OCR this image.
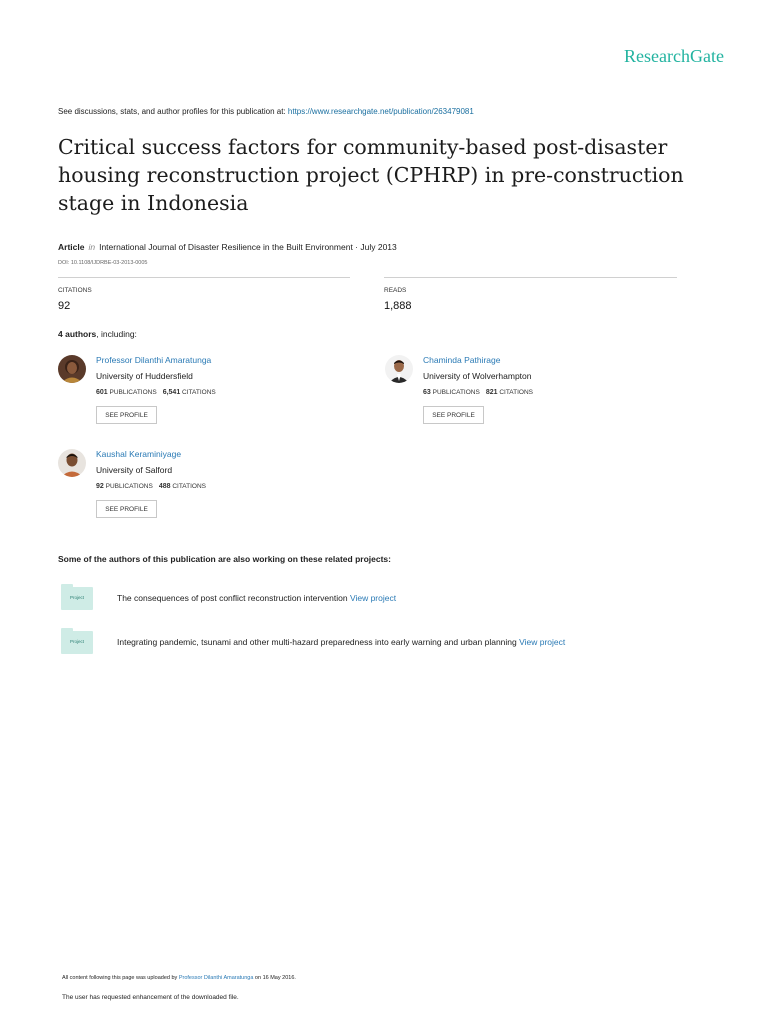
ResearchGate
See discussions, stats, and author profiles for this publication at: https://www.researchgate.net/publication/263479081
Critical success factors for community-based post-disaster housing reconstruction project (CPHRP) in pre-construction stage in Indonesia
Article in International Journal of Disaster Resilience in the Built Environment · July 2013
DOI: 10.1108/IJDRBE-03-2013-0005
CITATIONS
92
READS
1,888
4 authors, including:
Professor Dilanthi Amaratunga
University of Huddersfield
601 PUBLICATIONS 6,541 CITATIONS
SEE PROFILE
Chaminda Pathirage
University of Wolverhampton
63 PUBLICATIONS 821 CITATIONS
SEE PROFILE
Kaushal Keraminiyage
University of Salford
92 PUBLICATIONS 488 CITATIONS
SEE PROFILE
Some of the authors of this publication are also working on these related projects:
Project	The consequences of post conflict reconstruction intervention View project
Project	Integrating pandemic, tsunami and other multi-hazard preparedness into early warning and urban planning View project
All content following this page was uploaded by Professor Dilanthi Amaratunga on 16 May 2016.
The user has requested enhancement of the downloaded file.
